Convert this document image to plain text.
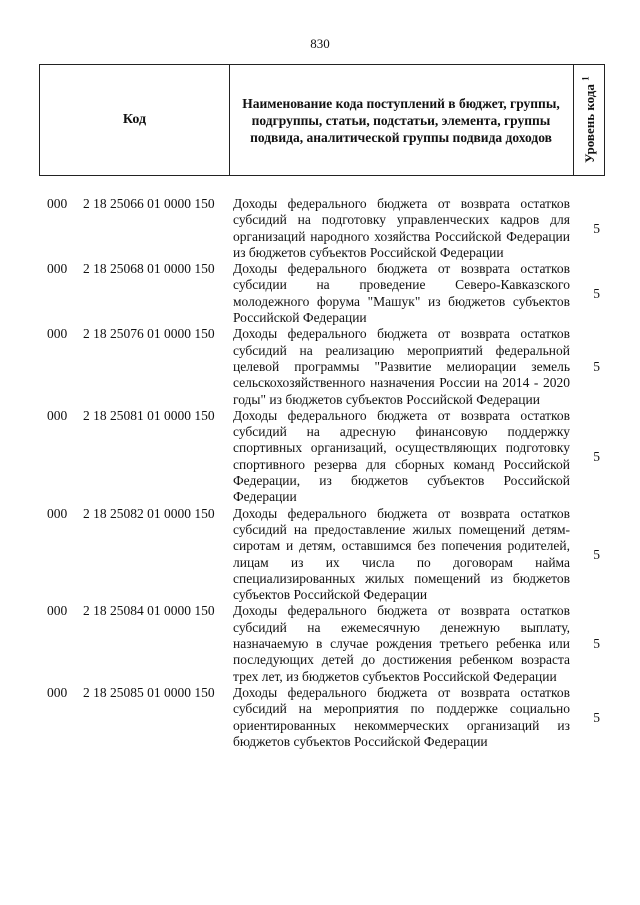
830
Код
Наименование кода поступлений в бюджет, группы, подгруппы, статьи, подстатьи, элемента, группы подвида, аналитической группы подвида доходов	Уровень кода $^1$
000 2 18 25066 01 0000 150 Доходы федерального бюджета от возврата остатков субсидий на подготовку управленческих кадров для организаций народного хозяйства Российской Федерации из бюджетов субъектов Российской Федерации
5
000 2 18 25068 01 0000 150 Доходы федерального бюджета от возврата остатков субсидии на проведение Северо-Кавказского молодежного форума "Машук" из бюджетов субъектов Российской Федерации
5
000 2 18 25076 01 0000 150 Доходы федерального бюджета от возврата остатков субсидий на реализацию мероприятий федеральной целевой программы "Развитие мелиорации земель сельскохозяйственного назначения России на 2014 - 2020 годы" из бюджетов субъектов Российской Федерации
5
000 2 18 25081 01 0000 150 Доходы федерального бюджета от возврата остатков субсидий на адресную финансовую поддержку спортивных организаций, осуществляющих подготовку спортивного резерва для сборных команд Российской Федерации, из бюджетов субъектов Российской Федерации
5
000 2 18 25082 01 0000 150 Доходы федерального бюджета от возврата остатков субсидий на предоставление жилых помещений детям-сиротам и детям, оставшимся без попечения родителей, лицам из их числа по договорам найма специализированных жилых помещений из бюджетов субъектов Российской Федерации
5
000 2 18 25084 01 0000 150 Доходы федерального бюджета от возврата остатков субсидий на ежемесячную денежную выплату, назначаемую в случае рождения третьего ребенка или последующих детей до достижения ребенком возраста трех лет, из бюджетов субъектов Российской Федерации
5
000 2 18 25085 01 0000 150 Доходы федерального бюджета от возврата остатков субсидий на мероприятия по поддержке социально ориентированных некоммерческих организаций из бюджетов субъектов Российской Федерации
5
